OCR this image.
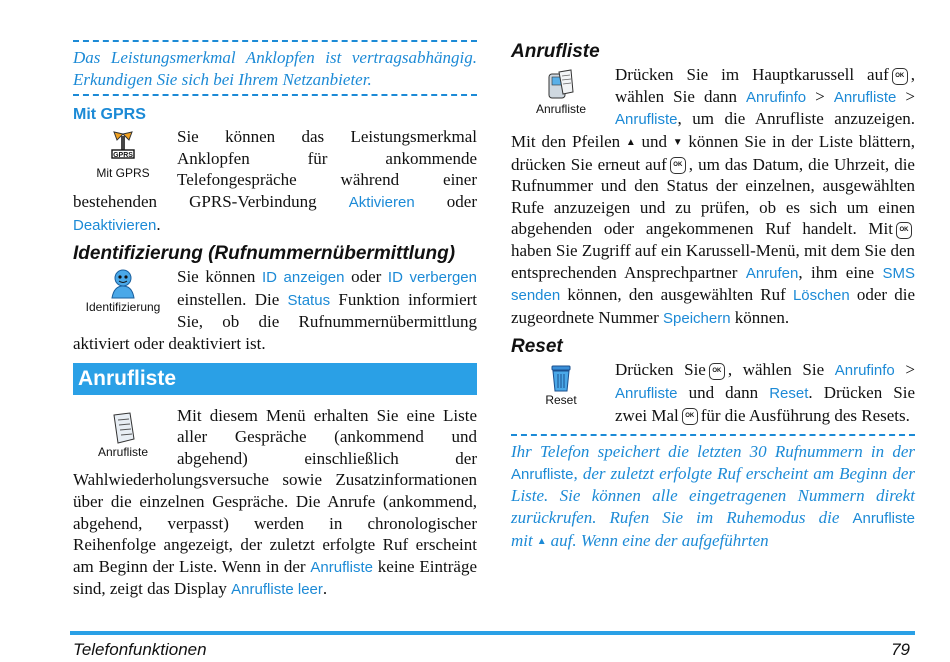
Das Leistungsmerkmal Anklopfen ist vertragsabhängig. Erkundigen Sie sich bei Ihrem Netzanbieter.

Mit GPRS

GPRS
Mit GPRS

Sie können das Leistungsmerkmal Anklopfen für ankommende Telefongespräche während einer bestehenden GPRS-Verbindung Aktivieren oder Deaktivieren.

Identifizierung (Rufnummernübermittlung)

Identifizierung

Sie können ID anzeigen oder ID verbergen einstellen. Die Status Funktion informiert Sie, ob die Rufnummernübermittlung aktiviert oder deaktiviert ist.

Anrufliste

Anrufliste

Mit diesem Menü erhalten Sie eine Liste aller Gespräche (ankommend und abgehend) einschließlich der Wahlwiederholungsversuche sowie Zusatzinformationen über die einzelnen Gespräche. Die Anrufe (ankommend, abgehend, verpasst) werden in chronologischer Reihenfolge angezeigt, der zuletzt erfolgte Ruf erscheint am Beginn der Liste. Wenn in der Anrufliste keine Einträge sind, zeigt das Display Anrufliste leer.

Anrufliste

Anrufliste

Drücken Sie im Hauptkarussell auf OK , wählen Sie dann Anrufinfo > Anrufliste > Anrufliste, um die Anrufliste anzuzeigen. Mit den Pfeilen ▲ und ▼ können Sie in der Liste blättern, drücken Sie erneut auf OK , um das Datum, die Uhrzeit, die Rufnummer und den Status der einzelnen, ausgewählten Rufe anzuzeigen und zu prüfen, ob es sich um einen abgehenden oder angekommenen Ruf handelt. Mit OKhaben Sie Zugriff auf ein Karussell-Menü, mit dem Sie den entsprechenden Ansprechpartner Anrufen, ihm eine SMS senden können, den ausgewählten Ruf Löschen oder die zugeordnete Nummer Speichern können.

Reset

Reset

Drücken Sie OK , wählen Sie Anrufinfo > Anrufliste und dann Reset. Drücken Sie zwei Mal OK für die Ausführung des Resets.

Ihr Telefon speichert die letzten 30 Rufnummern in der Anrufliste, der zuletzt erfolgte Ruf erscheint am Beginn der Liste. Sie können alle eingetragenen Nummern direkt zurückrufen. Rufen Sie im Ruhemodus die Anrufliste mit ▲ auf. Wenn eine der aufgeführten

Telefonfunktionen	79
